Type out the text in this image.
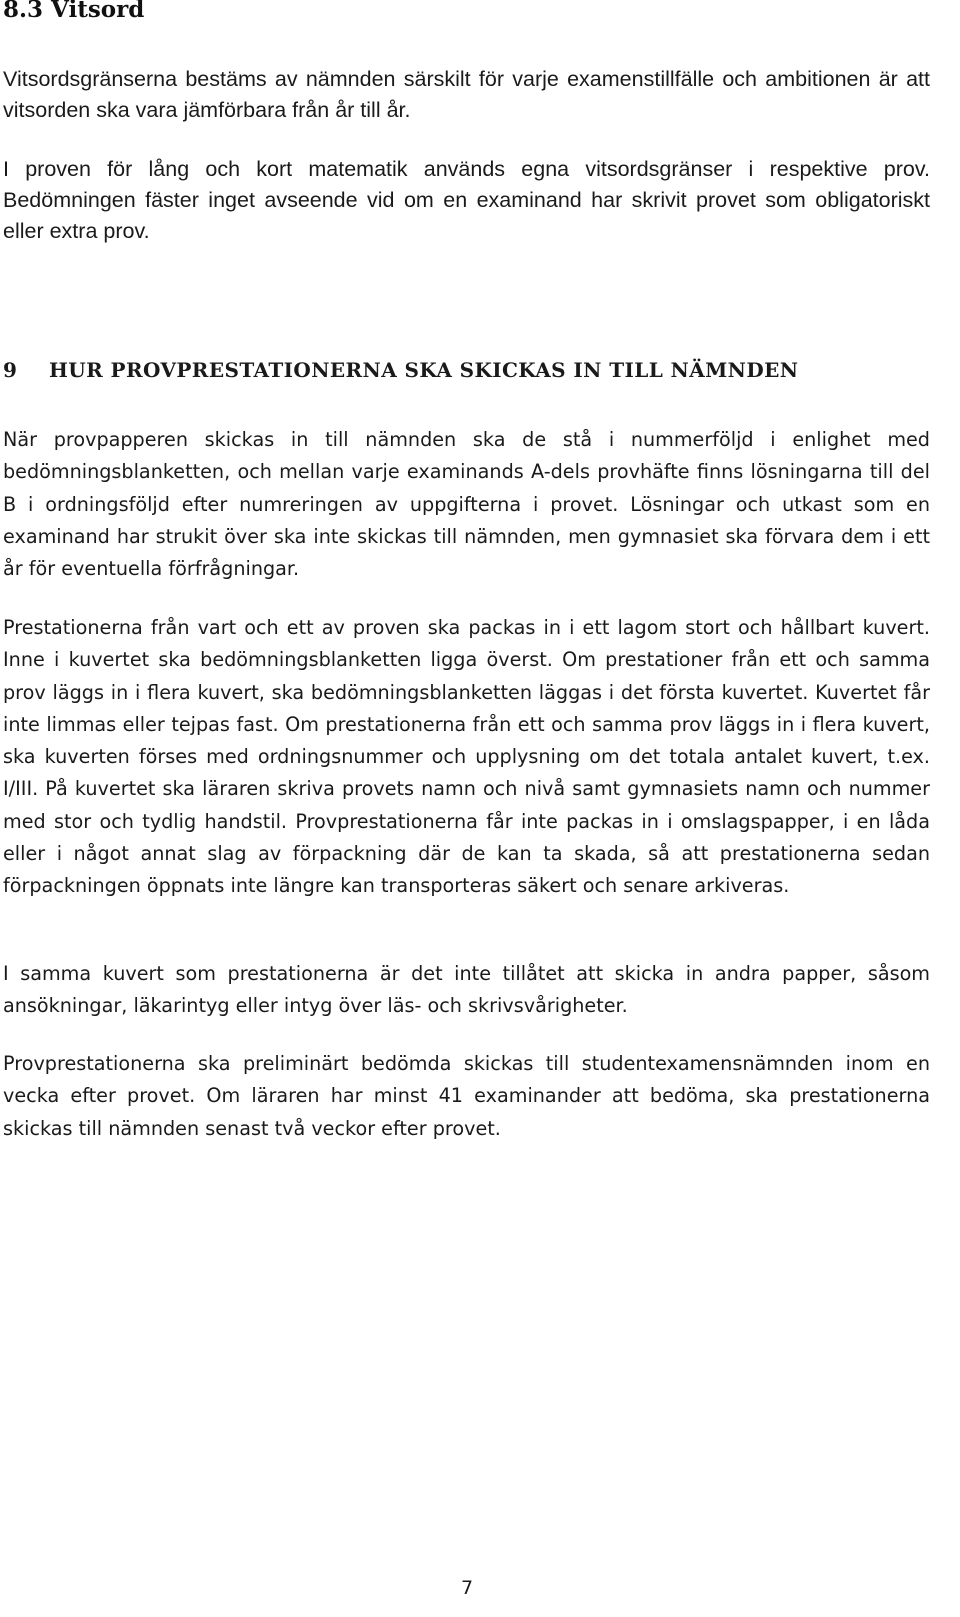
8.3 Vitsord

Vitsordsgränserna bestäms av nämnden särskilt för varje examenstillfälle och ambitionen är att vitsorden ska vara jämförbara från år till år.

I proven för lång och kort matematik används egna vitsordsgränser i respektive prov. Bedömningen fäster inget avseende vid om en examinand har skrivit provet som obligatoriskt eller extra prov.

9 HUR PROVPRESTATIONERNA SKA SKICKAS IN TILL NÄMNDEN

När provpapperen skickas in till nämnden ska de stå i nummerföljd i enlighet med bedömningsblanketten, och mellan varje examinands A-dels provhäfte finns lösningarna till del B i ordningsföljd efter numreringen av uppgifterna i provet. Lösningar och utkast som en examinand har strukit över ska inte skickas till nämnden, men gymnasiet ska förvara dem i ett år för eventuella förfrågningar.

Prestationerna från vart och ett av proven ska packas in i ett lagom stort och hållbart kuvert. Inne i kuvertet ska bedömningsblanketten ligga överst. Om prestationer från ett och samma prov läggs in i flera kuvert, ska bedömningsblanketten läggas i det första kuvertet. Kuvertet får inte limmas eller tejpas fast. Om prestationerna från ett och samma prov läggs in i flera kuvert, ska kuverten förses med ordningsnummer och upplysning om det totala antalet kuvert, t.ex. I/III. På kuvertet ska läraren skriva provets namn och nivå samt gymnasiets namn och nummer med stor och tydlig handstil. Provprestationerna får inte packas in i omslagspapper, i en låda eller i något annat slag av förpackning där de kan ta skada, så att prestationerna sedan förpackningen öppnats inte längre kan transporteras säkert och senare arkiveras.

I samma kuvert som prestationerna är det inte tillåtet att skicka in andra papper, såsom ansökningar, läkarintyg eller intyg över läs- och skrivsvårigheter.

Provprestationerna ska preliminärt bedömda skickas till studentexamensnämnden inom en vecka efter provet. Om läraren har minst 41 examinander att bedöma, ska prestationerna skickas till nämnden senast två veckor efter provet.

7
